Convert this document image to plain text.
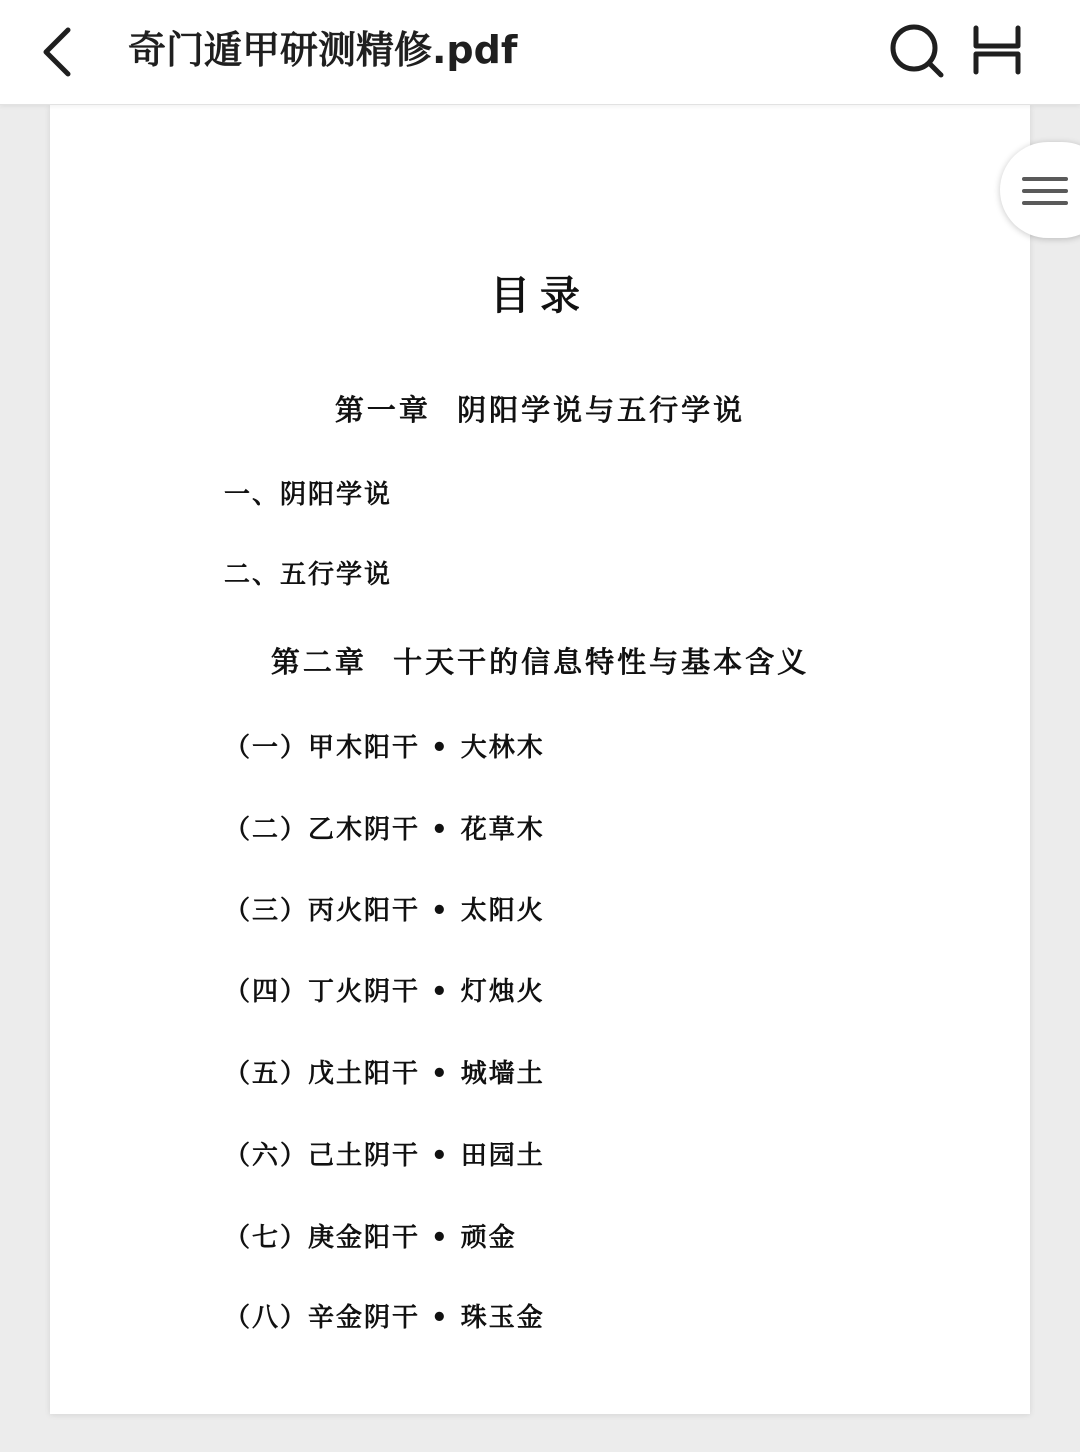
奇门遁甲研测精修.pdf
目录
第一章  阴阳学说与五行学说
一、阴阳学说
二、五行学说
第二章  十天干的信息特性与基本含义
（一）甲木阳干 • 大林木
（二）乙木阴干 • 花草木
（三）丙火阳干 • 太阳火
（四）丁火阴干 • 灯烛火
（五）戊土阳干 • 城墙土
（六）己土阴干 • 田园土
（七）庚金阳干 • 顽金
（八）辛金阴干 • 珠玉金
